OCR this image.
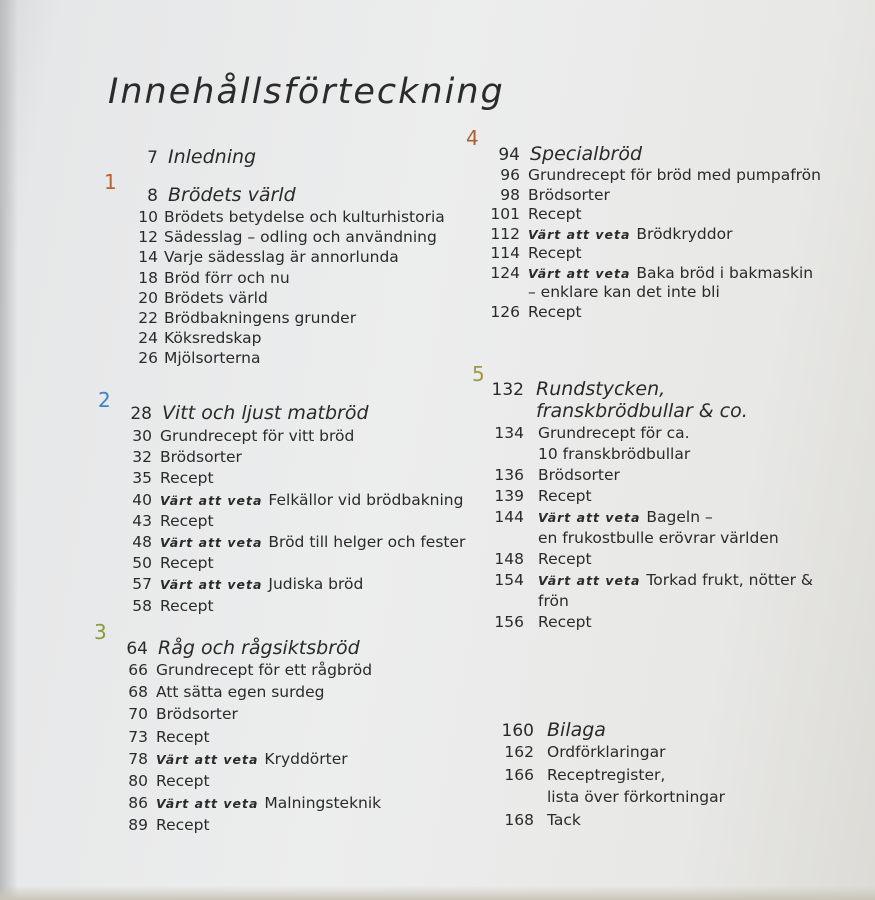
Innehållsförteckning
1
2
3
7 Inledning
8 Brödets värld
10 Brödets betydelse och kulturhistoria
12 Sädesslag – odling och användning
14 Varje sädesslag är annorlunda
18 Bröd förr och nu
20 Brödets värld
22 Brödbakningens grunder
24 Köksredskap
26 Mjölsorterna
28 Vitt och ljust matbröd
30 Grundrecept för vitt bröd
32 Brödsorter
35 Recept
40 Värt att veta Felkällor vid brödbakning
43 Recept
48 Värt att veta Bröd till helger och fester
50 Recept
57 Värt att veta Judiska bröd
58 Recept
64 Råg och rågsiktsbröd
66 Grundrecept för ett rågbröd
68 Att sätta egen surdeg
70 Brödsorter
73 Recept
78 Värt att veta Kryddörter
80 Recept
86 Värt att veta Malningsteknik
89 Recept
4
5
94 Specialbröd
96 Grundrecept för bröd med pumpafrön
98 Brödsorter
101 Recept
112 Värt att veta Brödkryddor
114 Recept
124 Värt att veta Baka bröd i bakmaskin
– enklare kan det inte bli
126 Recept
132 Rundstycken,
franskbrödbullar & co.
134 Grundrecept för ca.
10 franskbrödbullar
136 Brödsorter
139 Recept
144 Värt att veta Bageln –
en frukostbulle erövrar världen
148 Recept
154 Värt att veta Torkad frukt, nötter &
frön
156 Recept
160 Bilaga
162 Ordförklaringar
166 Receptregister,
lista över förkortningar
168 Tack
